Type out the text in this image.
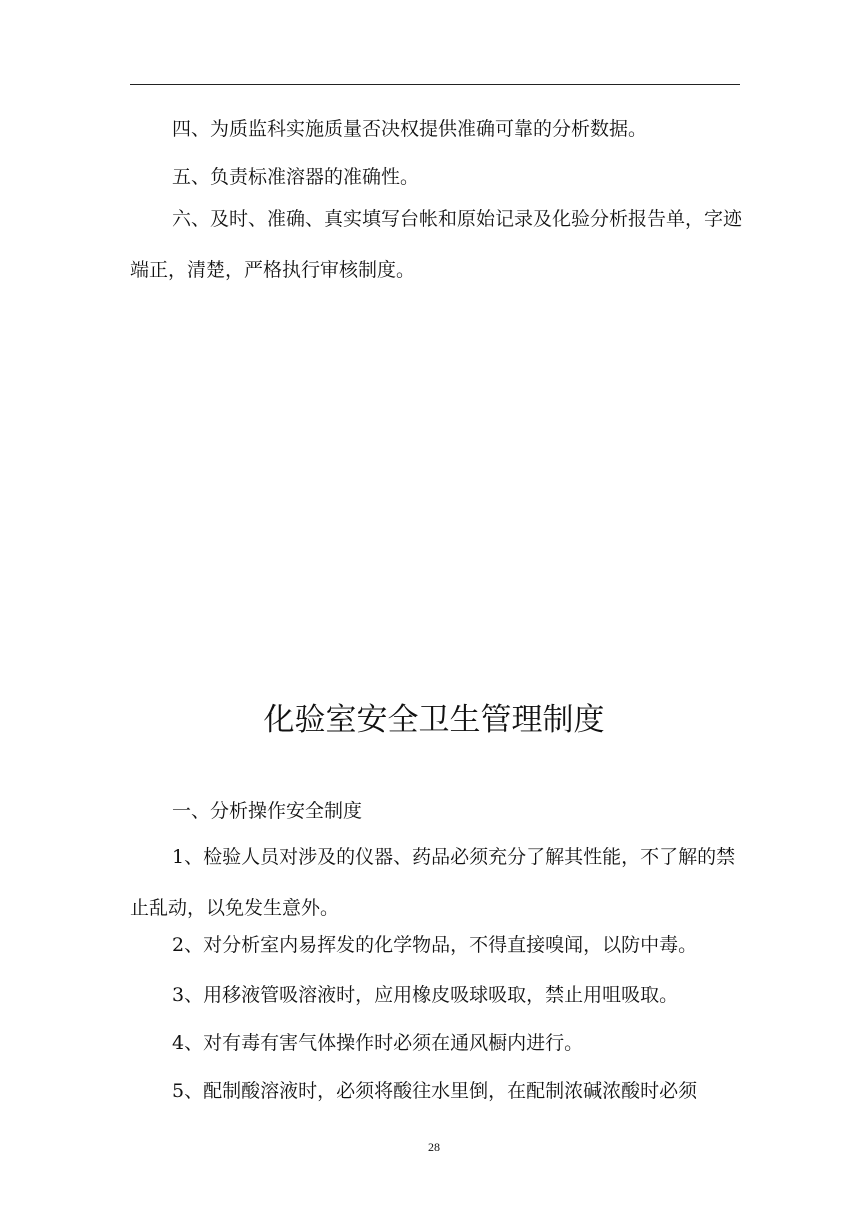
四、为质监科实施质量否决权提供准确可靠的分析数据。

五、负责标准溶器的准确性。

六、及时、准确、真实填写台帐和原始记录及化验分析报告单，字迹端正，清楚，严格执行审核制度。

化验室安全卫生管理制度

一、分析操作安全制度

1、检验人员对涉及的仪器、药品必须充分了解其性能，不了解的禁止乱动，以免发生意外。

2、对分析室内易挥发的化学物品，不得直接嗅闻，以防中毒。

3、用移液管吸溶液时，应用橡皮吸球吸取，禁止用咀吸取。

4、对有毒有害气体操作时必须在通风橱内进行。

5、配制酸溶液时，必须将酸往水里倒，在配制浓碱浓酸时必须

28
